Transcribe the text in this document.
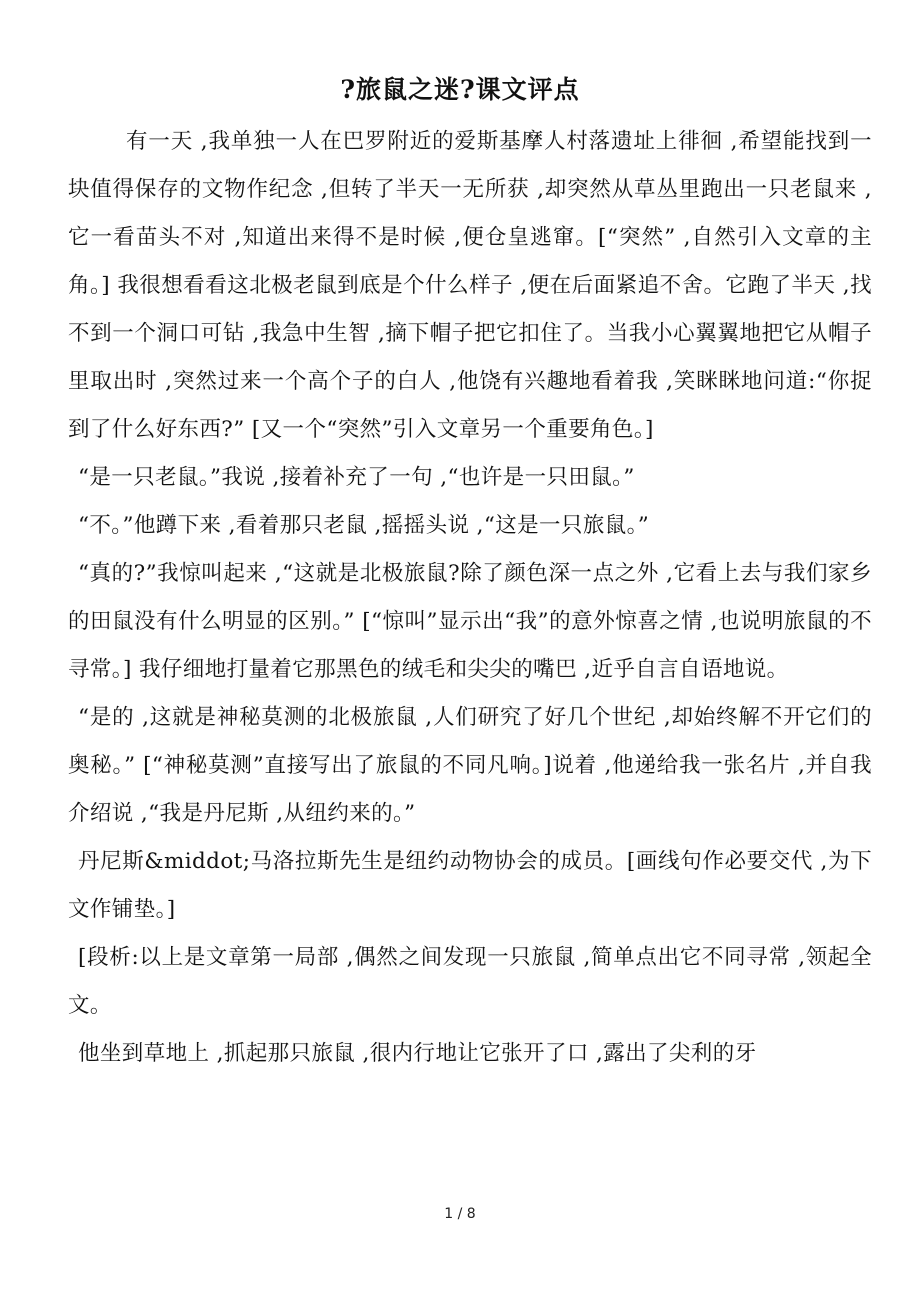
?旅鼠之迷?课文评点

有一天 ,我单独一人在巴罗附近的爱斯基摩人村落遗址上徘徊 ,希望能找到一块值得保存的文物作纪念 ,但转了半天一无所获 ,却突然从草丛里跑出一只老鼠来 ,它一看苗头不对 ,知道出来得不是时候 ,便仓皇逃窜。[“突然” ,自然引入文章的主角。] 我很想看看这北极老鼠到底是个什么样子 ,便在后面紧追不舍。它跑了半天 ,找不到一个洞口可钻 ,我急中生智 ,摘下帽子把它扣住了。当我小心翼翼地把它从帽子里取出时 ,突然过来一个高个子的白人 ,他饶有兴趣地看着我 ,笑眯眯地问道:“你捉到了什么好东西?” [又一个“突然”引入文章另一个重要角色。]

“是一只老鼠。”我说 ,接着补充了一句 ,“也许是一只田鼠。”

“不。”他蹲下来 ,看着那只老鼠 ,摇摇头说 ,“这是一只旅鼠。”

“真的?”我惊叫起来 ,“这就是北极旅鼠?除了颜色深一点之外 ,它看上去与我们家乡的田鼠没有什么明显的区别。” [“惊叫”显示出“我”的意外惊喜之情 ,也说明旅鼠的不寻常。] 我仔细地打量着它那黑色的绒毛和尖尖的嘴巴 ,近乎自言自语地说。

“是的 ,这就是神秘莫测的北极旅鼠 ,人们研究了好几个世纪 ,却始终解不开它们的奥秘。” [“神秘莫测”直接写出了旅鼠的不同凡响。]说着 ,他递给我一张名片 ,并自我介绍说 ,“我是丹尼斯 ,从纽约来的。”

丹尼斯&middot;马洛拉斯先生是纽约动物协会的成员。[画线句作必要交代 ,为下文作铺垫。]

[段析:以上是文章第一局部 ,偶然之间发现一只旅鼠 ,简单点出它不同寻常 ,领起全文。

他坐到草地上 ,抓起那只旅鼠 ,很内行地让它张开了口 ,露出了尖利的牙

1 / 8
